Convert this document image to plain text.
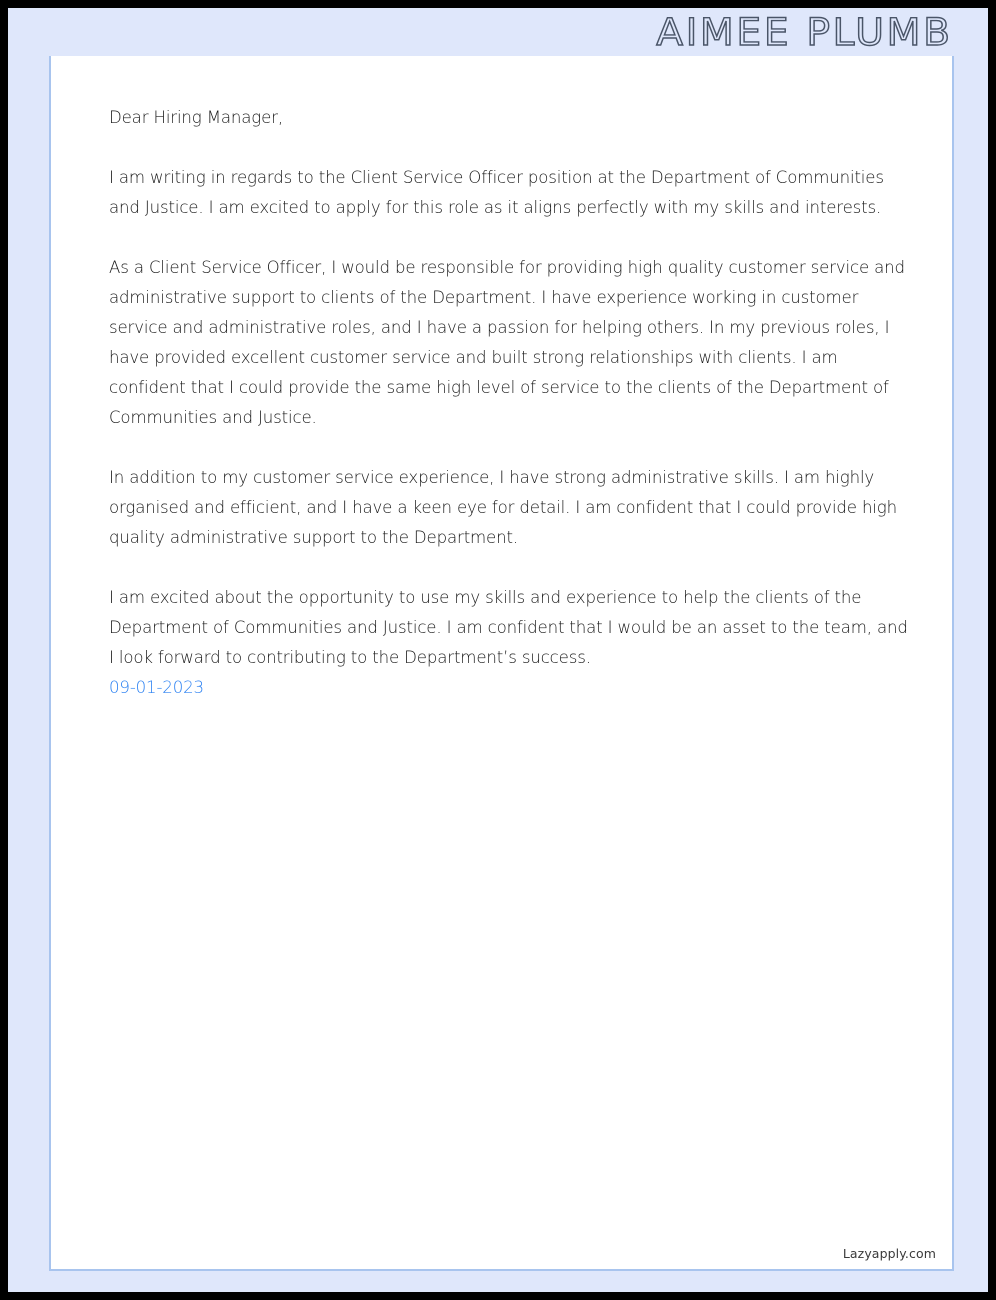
AIMEE PLUMB

Dear Hiring Manager,

I am writing in regards to the Client Service Officer position at the Department of Communities and Justice. I am excited to apply for this role as it aligns perfectly with my skills and interests.

As a Client Service Officer, I would be responsible for providing high quality customer service and administrative support to clients of the Department. I have experience working in customer service and administrative roles, and I have a passion for helping others. In my previous roles, I have provided excellent customer service and built strong relationships with clients. I am confident that I could provide the same high level of service to the clients of the Department of Communities and Justice.

In addition to my customer service experience, I have strong administrative skills. I am highly organised and efficient, and I have a keen eye for detail. I am confident that I could provide high quality administrative support to the Department.

I am excited about the opportunity to use my skills and experience to help the clients of the Department of Communities and Justice. I am confident that I would be an asset to the team, and I look forward to contributing to the Department’s success.

09-01-2023

Lazyapply.com
